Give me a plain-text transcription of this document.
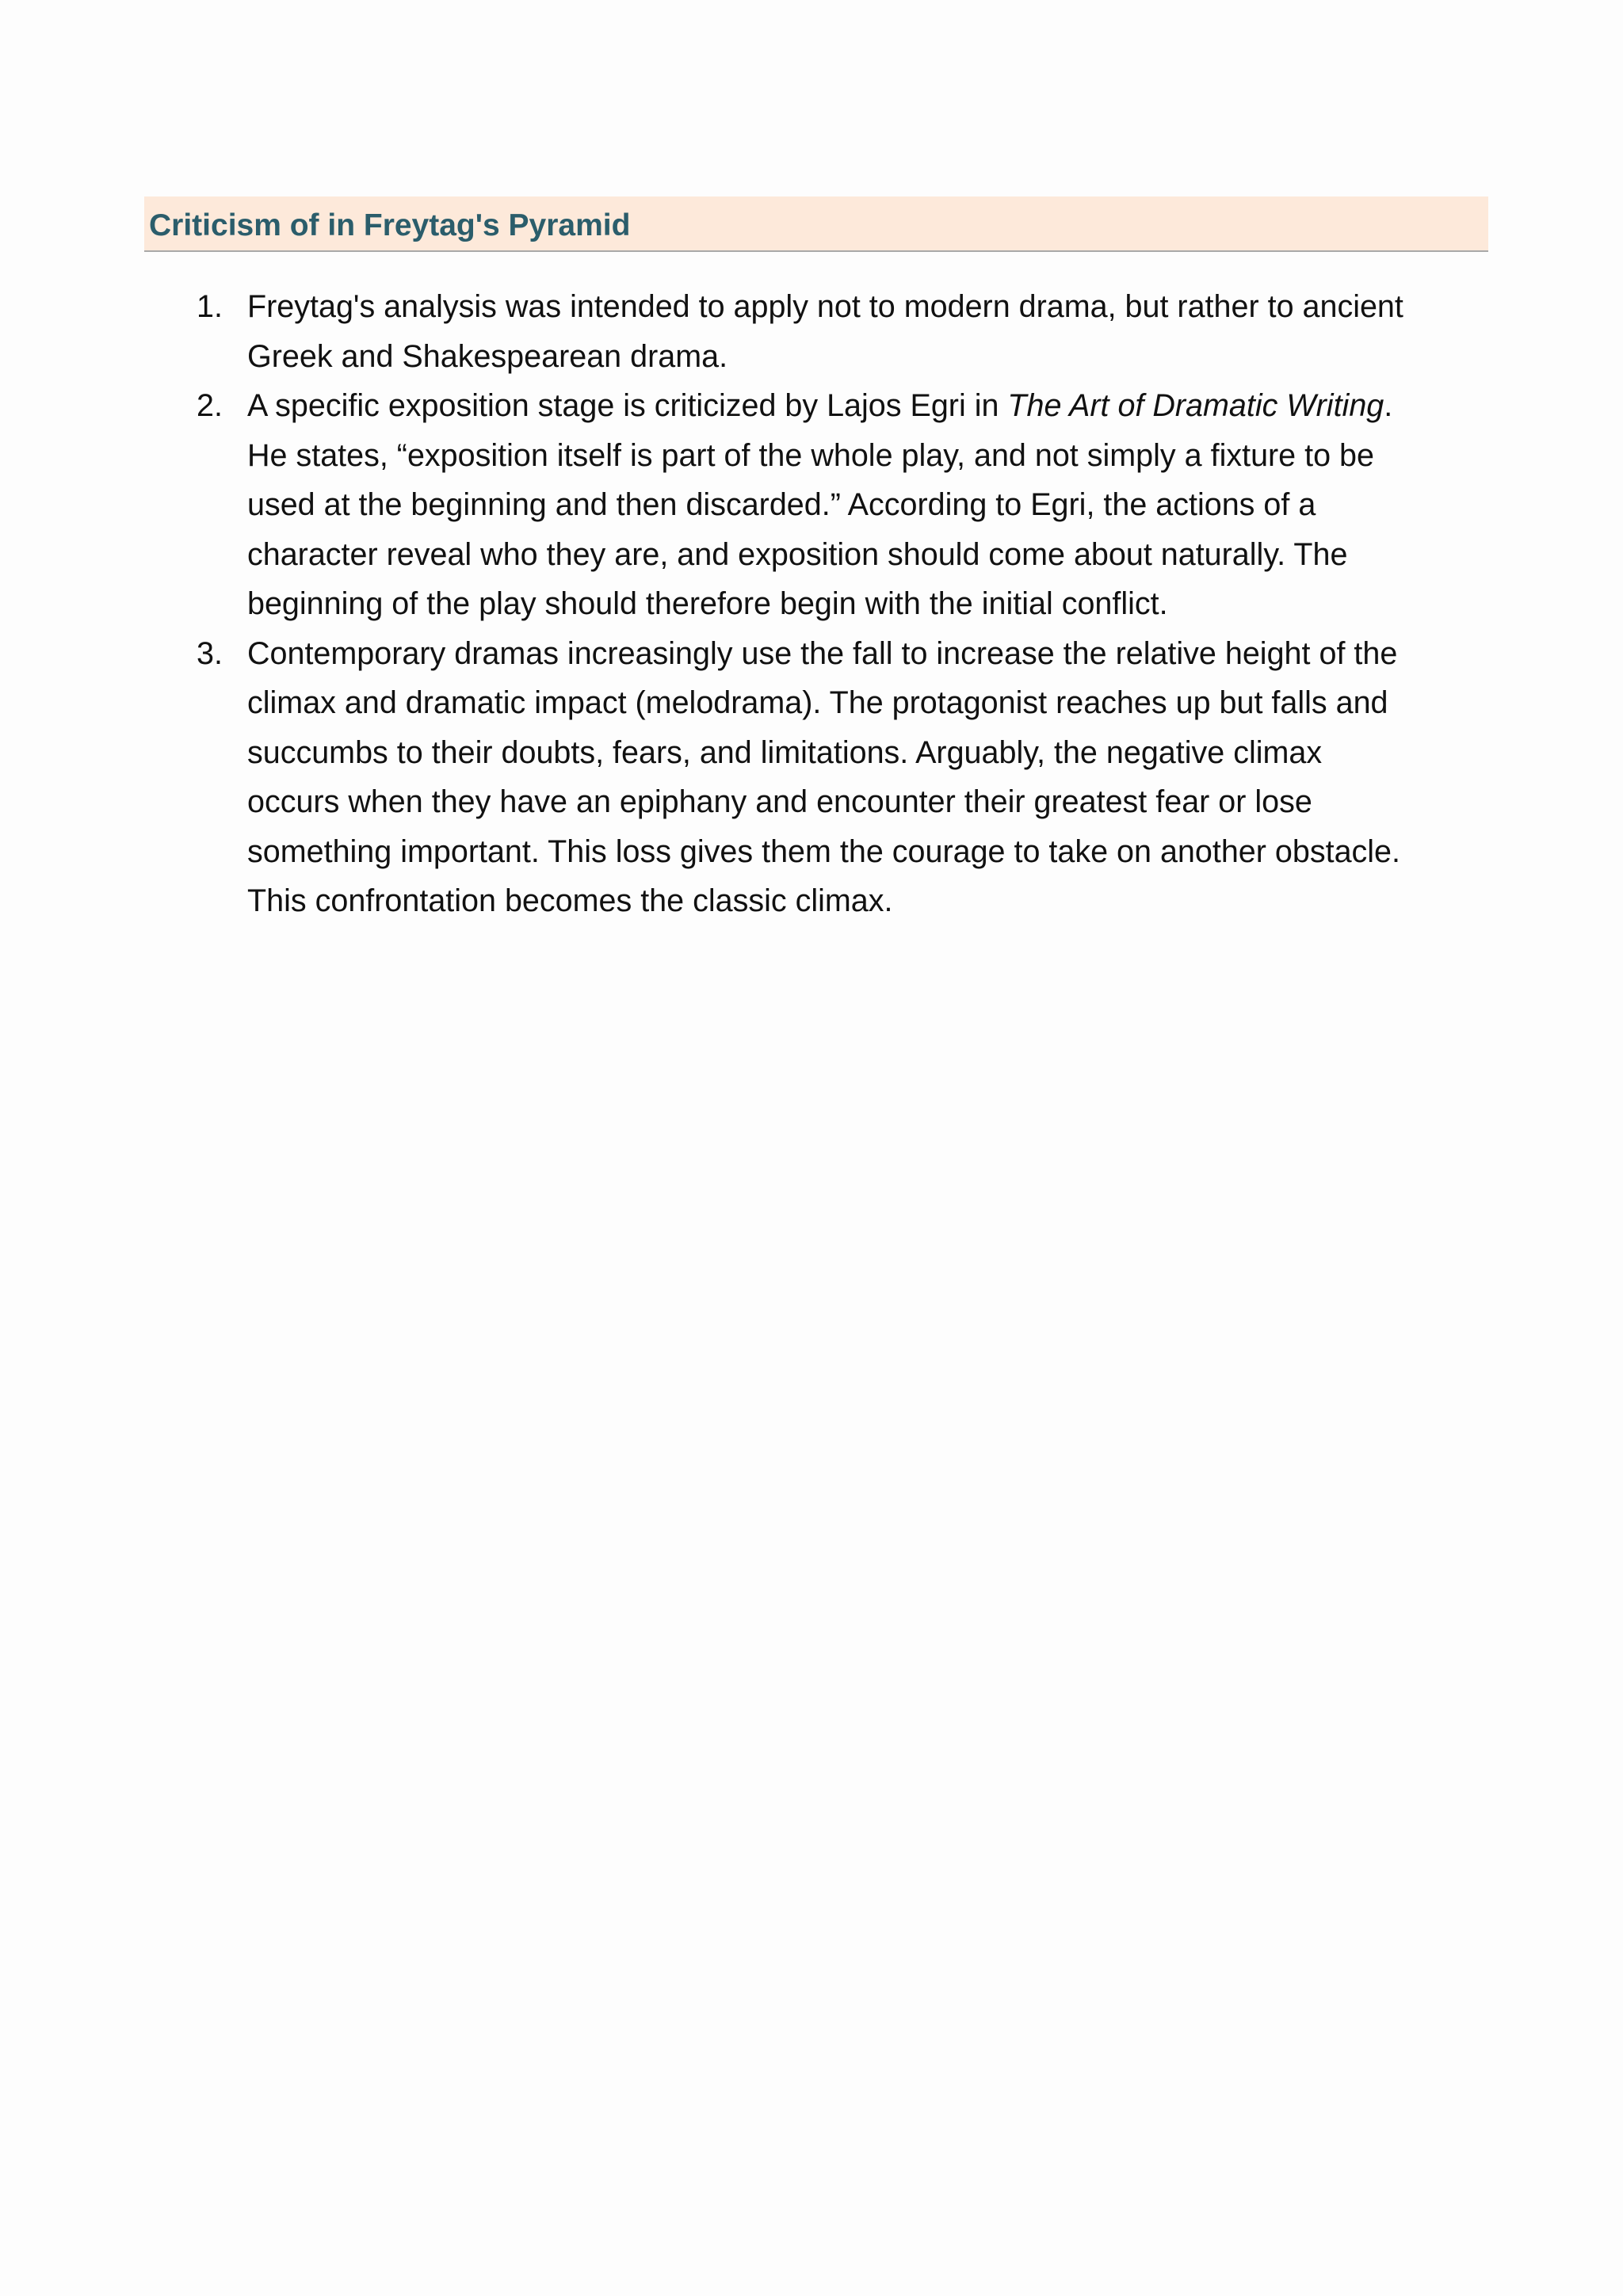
Criticism of in Freytag's Pyramid
1. Freytag's analysis was intended to apply not to modern drama, but rather to ancient
Greek and Shakespearean drama.
2. A specific exposition stage is criticized by Lajos Egri in The Art of Dramatic Writing.
He states, “exposition itself is part of the whole play, and not simply a fixture to be
used at the beginning and then discarded.” According to Egri, the actions of a
character reveal who they are, and exposition should come about naturally. The
beginning of the play should therefore begin with the initial conflict.
3. Contemporary dramas increasingly use the fall to increase the relative height of the
climax and dramatic impact (melodrama). The protagonist reaches up but falls and
succumbs to their doubts, fears, and limitations. Arguably, the negative climax
occurs when they have an epiphany and encounter their greatest fear or lose
something important. This loss gives them the courage to take on another obstacle.
This confrontation becomes the classic climax.
